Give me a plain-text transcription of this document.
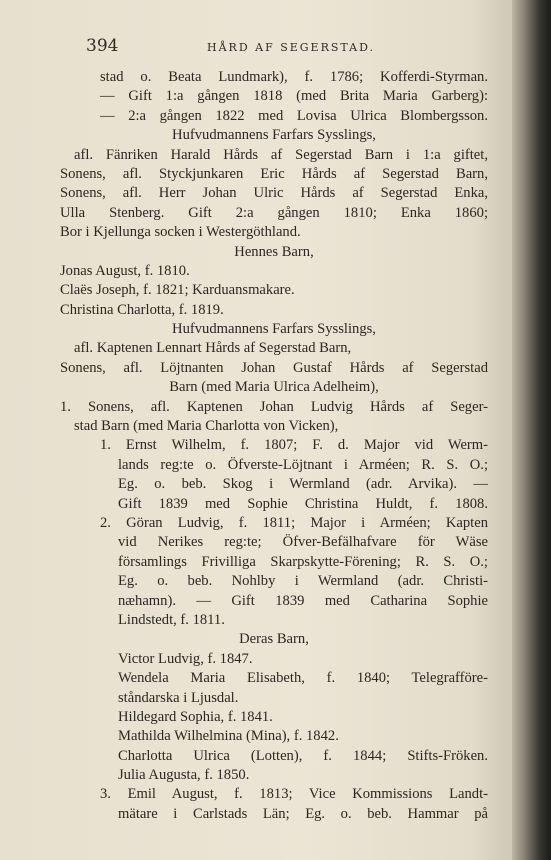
394	HÅRD AF SEGERSTAD.
stad o. Beata Lundmark), f. 1786; Kofferdi-Styrman.
— Gift 1:a gången 1818 (med Brita Maria Garberg):
— 2:a gången 1822 med Lovisa Ulrica Blombergsson.
Hufvudmannens Farfars Sysslings,
afl. Fänriken Harald Hårds af Segerstad Barn i 1:a giftet,
Sonens, afl. Styckjunkaren Eric Hårds af Segerstad Barn,
Sonens, afl. Herr Johan Ulric Hårds af Segerstad Enka,
Ulla Stenberg. Gift 2:a gången 1810; Enka 1860;
Bor i Kjellunga socken i Westergöthland.
Hennes Barn,
Jonas August, f. 1810.
Claës Joseph, f. 1821; Karduansmakare.
Christina Charlotta, f. 1819.
Hufvudmannens Farfars Sysslings,
afl. Kaptenen Lennart Hårds af Segerstad Barn,
Sonens, afl. Löjtnanten Johan Gustaf Hårds af Segerstad
Barn (med Maria Ulrica Adelheim),
1. Sonens, afl. Kaptenen Johan Ludvig Hårds af Seger-
stad Barn (med Maria Charlotta von Vicken),
1. Ernst Wilhelm, f. 1807; F. d. Major vid Werm-
lands reg:te o. Öfverste-Löjtnant i Arméen; R. S. O.;
Eg. o. beb. Skog i Wermland (adr. Arvika). —
Gift 1839 med Sophie Christina Huldt, f. 1808.
2. Göran Ludvig, f. 1811; Major i Arméen; Kapten
vid Nerikes reg:te; Öfver-Befälhafvare för Wäse
församlings Frivilliga Skarpskytte-Förening; R. S. O.;
Eg. o. beb. Nohlby i Wermland (adr. Christi-
næhamn). — Gift 1839 med Catharina Sophie
Lindstedt, f. 1811.
Deras Barn,
Victor Ludvig, f. 1847.
Wendela Maria Elisabeth, f. 1840; Telegrafföre-
ståndarska i Ljusdal.
Hildegard Sophia, f. 1841.
Mathilda Wilhelmina (Mina), f. 1842.
Charlotta Ulrica (Lotten), f. 1844; Stifts-Fröken.
Julia Augusta, f. 1850.
3. Emil August, f. 1813; Vice Kommissions Landt-
mätare i Carlstads Län; Eg. o. beb. Hammar på
